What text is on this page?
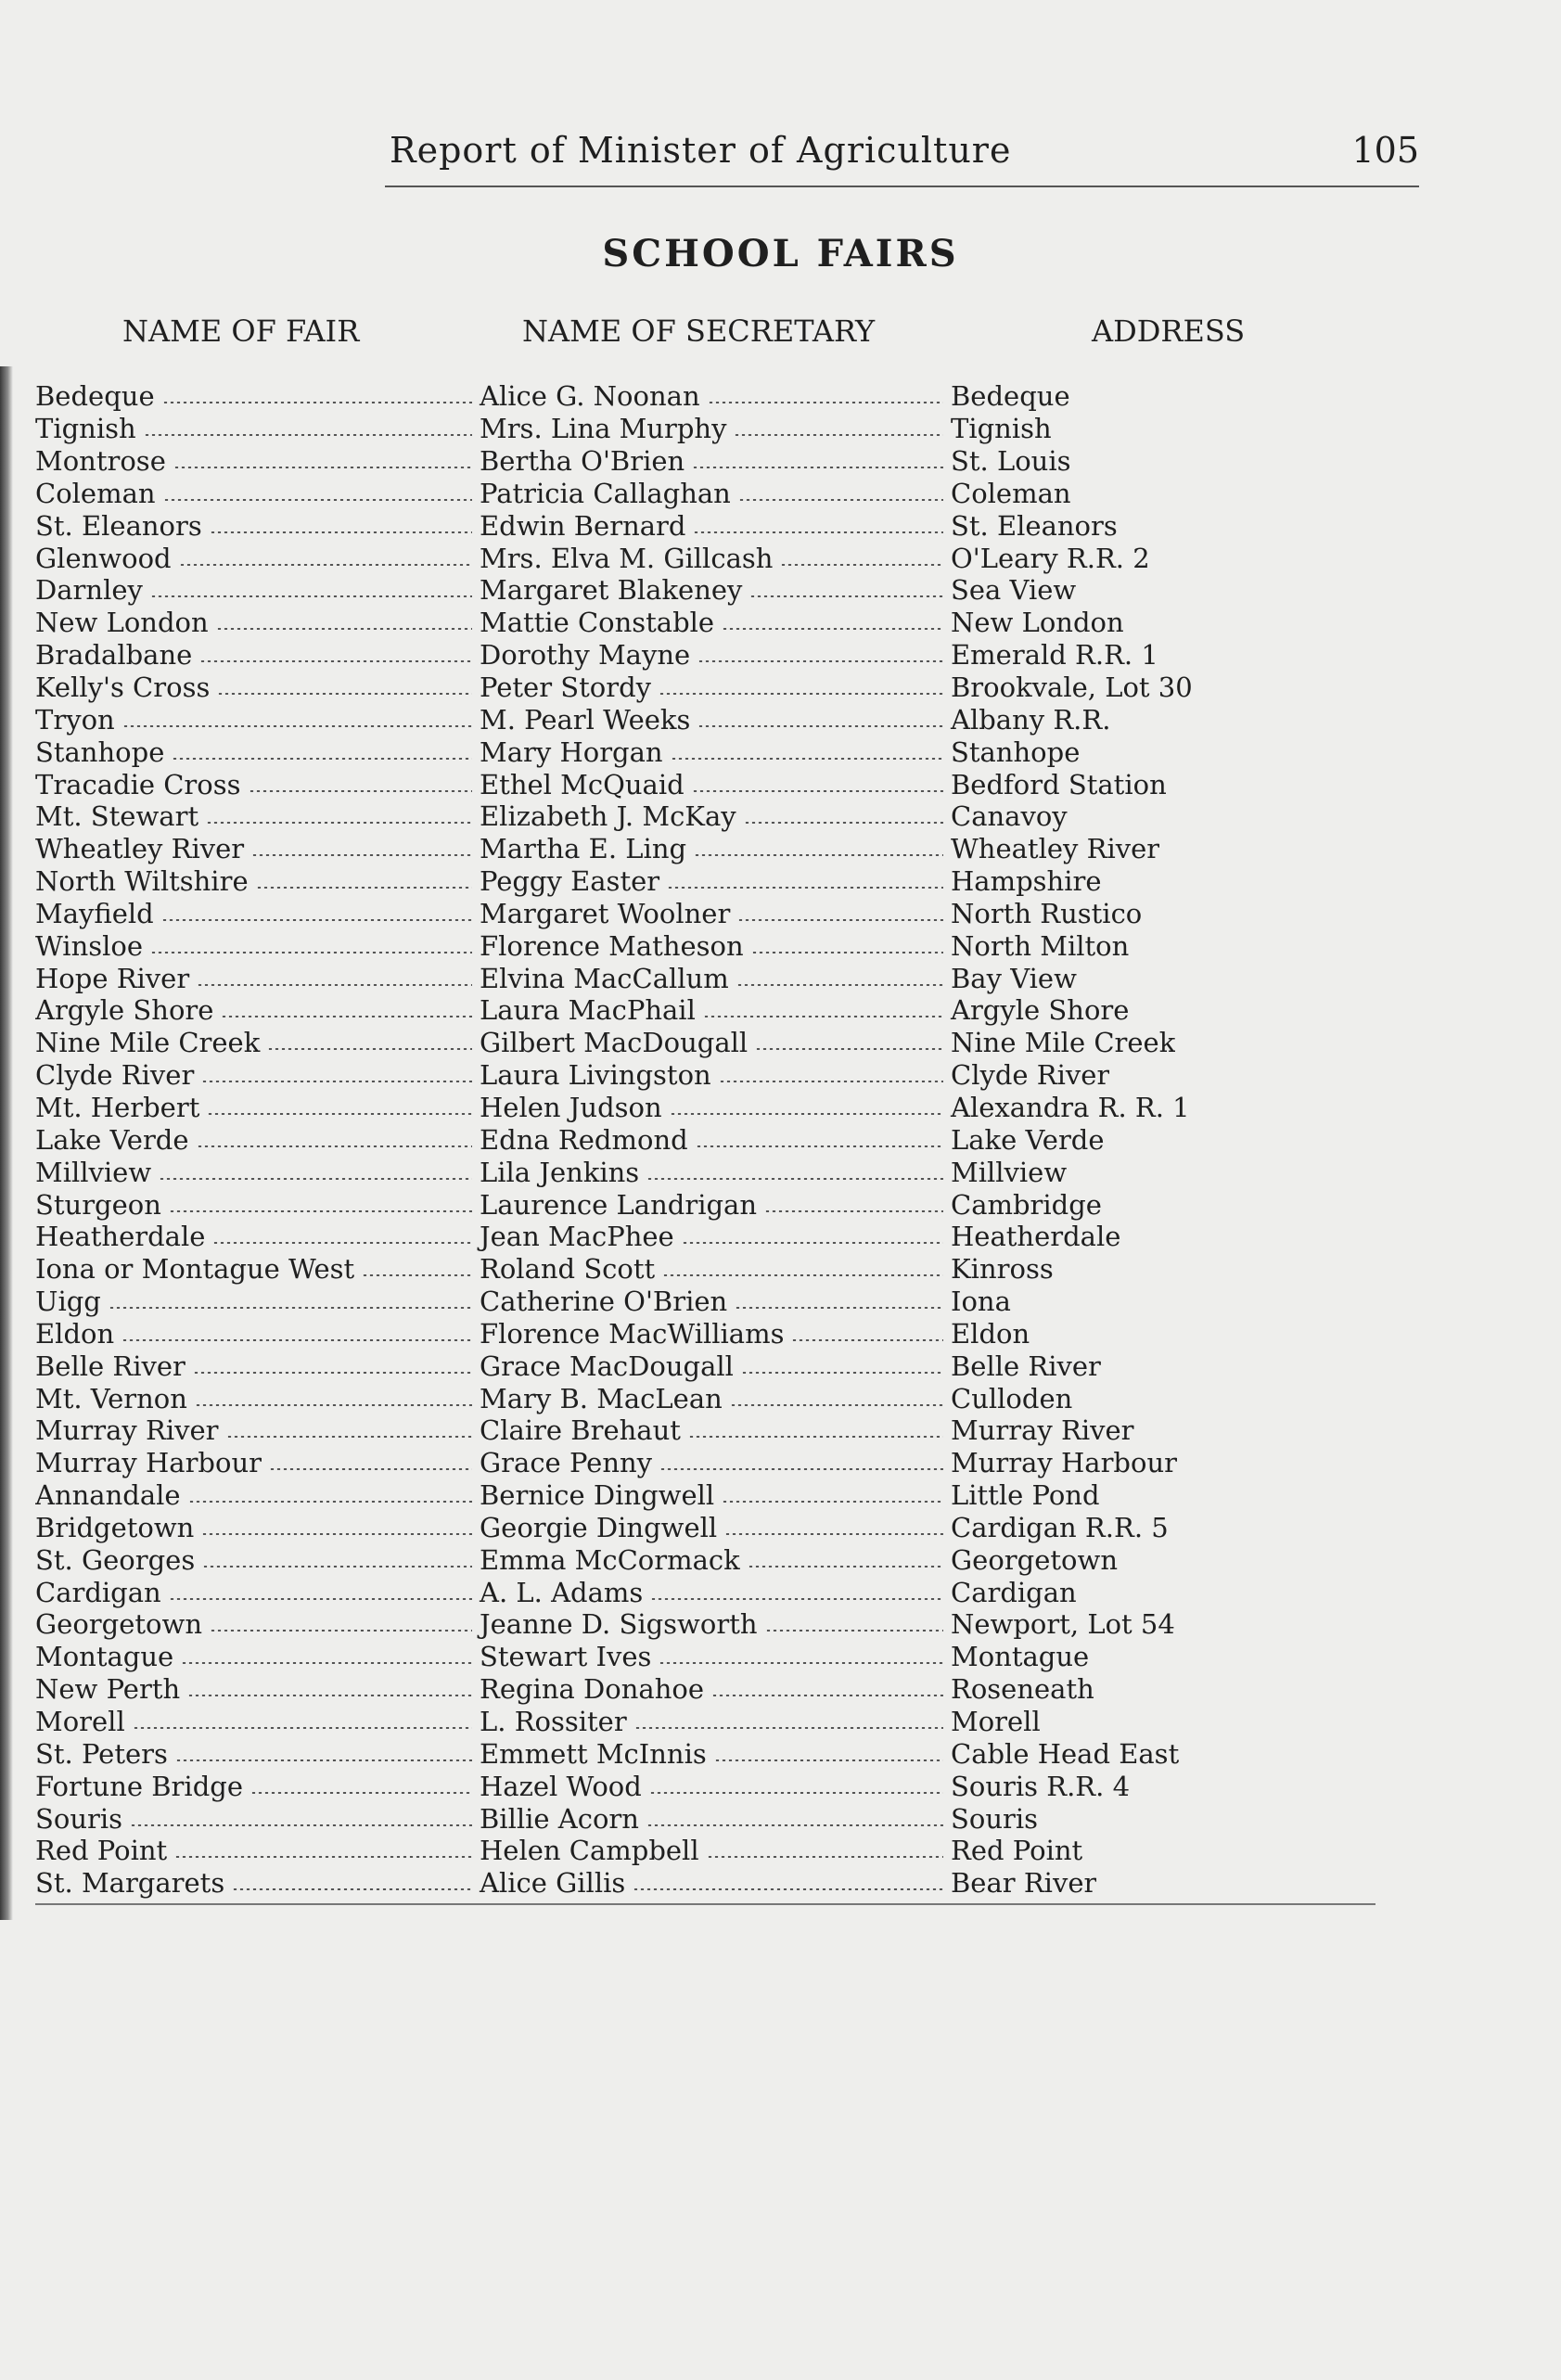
Report of Minister of Agriculture	105
SCHOOL FAIRS
NAME OF FAIR	NAME OF SECRETARY	ADDRESS
Bedeque	Alice G. Noonan	Bedeque
Tignish	Mrs. Lina Murphy	Tignish
Montrose	Bertha O'Brien	St. Louis
Coleman	Patricia Callaghan	Coleman
St. Eleanors	Edwin Bernard	St. Eleanors
Glenwood	Mrs. Elva M. Gillcash	O'Leary R.R. 2
Darnley	Margaret Blakeney	Sea View
New London	Mattie Constable	New London
Bradalbane	Dorothy Mayne	Emerald R.R. 1
Kelly's Cross	Peter Stordy	Brookvale, Lot 30
Tryon	M. Pearl Weeks	Albany R.R.
Stanhope	Mary Horgan	Stanhope
Tracadie Cross	Ethel McQuaid	Bedford Station
Mt. Stewart	Elizabeth J. McKay	Canavoy
Wheatley River	Martha E. Ling	Wheatley River
North Wiltshire	Peggy Easter	Hampshire
Mayfield	Margaret Woolner	North Rustico
Winsloe	Florence Matheson	North Milton
Hope River	Elvina MacCallum	Bay View
Argyle Shore	Laura MacPhail	Argyle Shore
Nine Mile Creek	Gilbert MacDougall	Nine Mile Creek
Clyde River	Laura Livingston	Clyde River
Mt. Herbert	Helen Judson	Alexandra R. R. 1
Lake Verde	Edna Redmond	Lake Verde
Millview	Lila Jenkins	Millview
Sturgeon	Laurence Landrigan	Cambridge
Heatherdale	Jean MacPhee	Heatherdale
Iona or Montague West	Roland Scott	Kinross
Uigg	Catherine O'Brien	Iona
Eldon	Florence MacWilliams	Eldon
Belle River	Grace MacDougall	Belle River
Mt. Vernon	Mary B. MacLean	Culloden
Murray River	Claire Brehaut	Murray River
Murray Harbour	Grace Penny	Murray Harbour
Annandale	Bernice Dingwell	Little Pond
Bridgetown	Georgie Dingwell	Cardigan R.R. 5
St. Georges	Emma McCormack	Georgetown
Cardigan	A. L. Adams	Cardigan
Georgetown	Jeanne D. Sigsworth	Newport, Lot 54
Montague	Stewart Ives	Montague
New Perth	Regina Donahoe	Roseneath
Morell	L. Rossiter	Morell
St. Peters	Emmett McInnis	Cable Head East
Fortune Bridge	Hazel Wood	Souris R.R. 4
Souris	Billie Acorn	Souris
Red Point	Helen Campbell	Red Point
St. Margarets	Alice Gillis	Bear River
